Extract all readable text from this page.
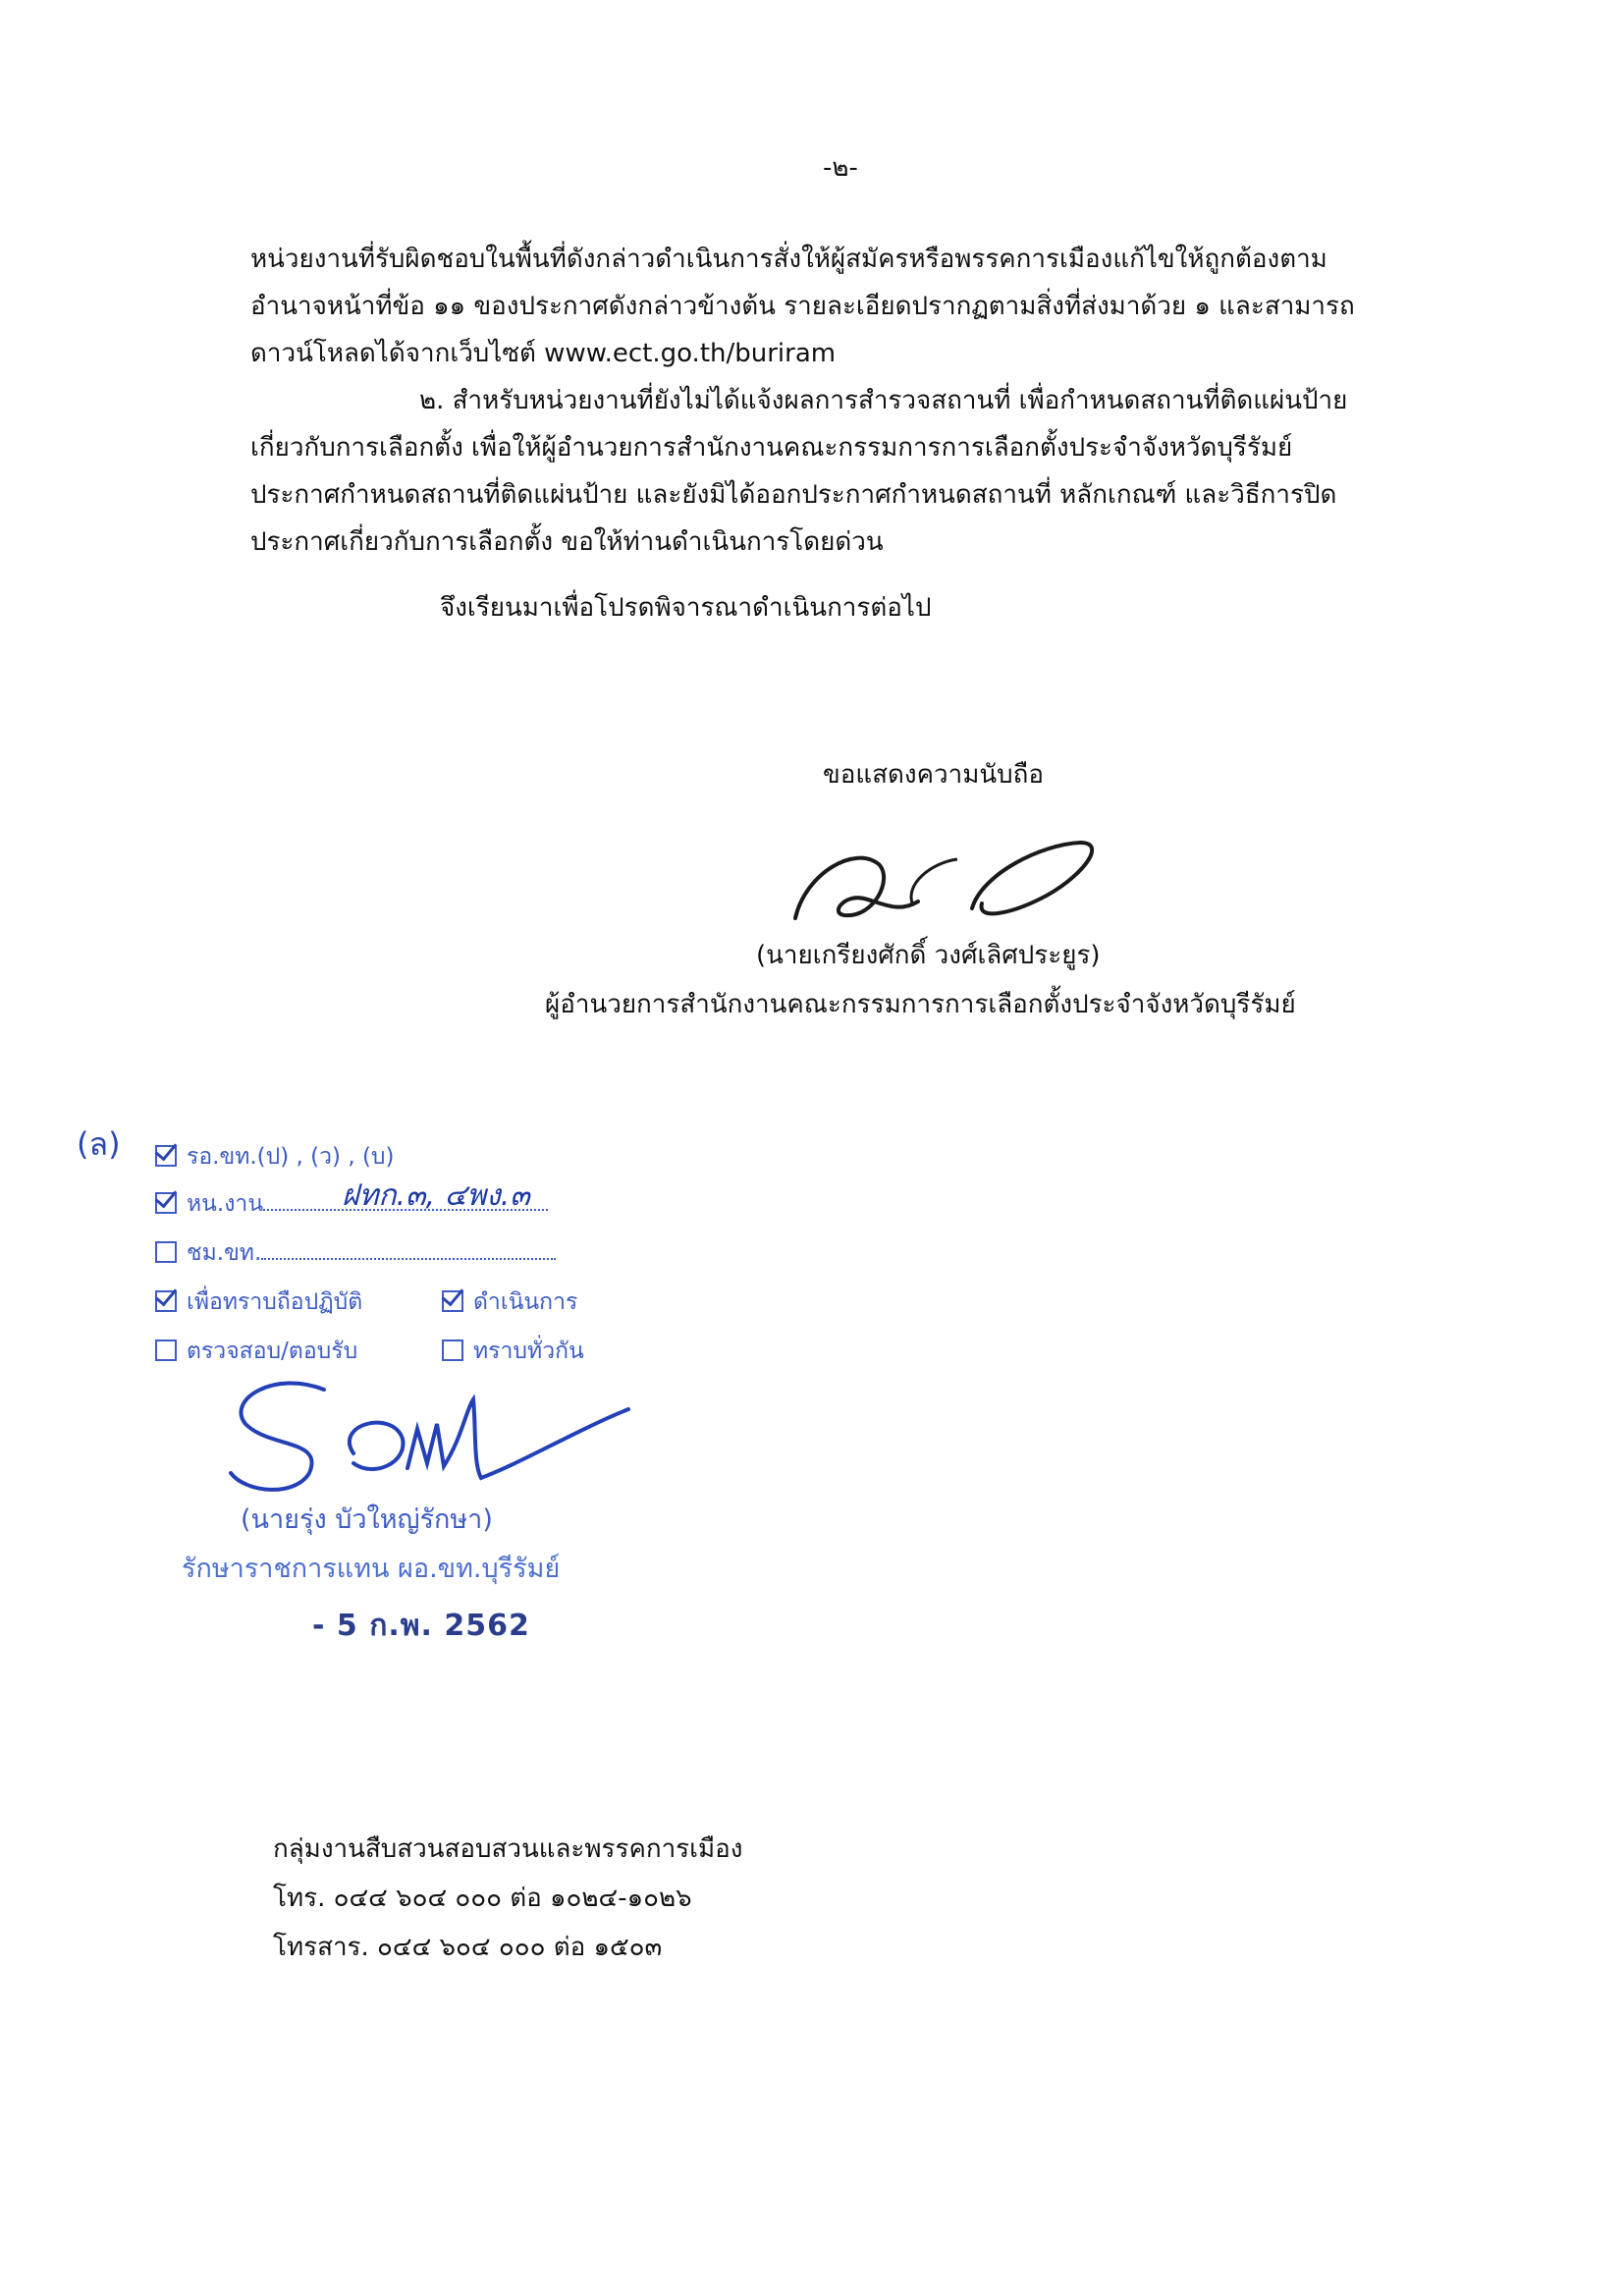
-๒-
หน่วยงานที่รับผิดชอบในพื้นที่ดังกล่าวดำเนินการสั่งให้ผู้สมัครหรือพรรคการเมืองแก้ไขให้ถูกต้องตาม
อำนาจหน้าที่ข้อ ๑๑ ของประกาศดังกล่าวข้างต้น รายละเอียดปรากฏตามสิ่งที่ส่งมาด้วย ๑ และสามารถ
ดาวน์โหลดได้จากเว็บไซต์ www.ect.go.th/buriram
๒. สำหรับหน่วยงานที่ยังไม่ได้แจ้งผลการสำรวจสถานที่ เพื่อกำหนดสถานที่ติดแผ่นป้าย
เกี่ยวกับการเลือกตั้ง เพื่อให้ผู้อำนวยการสำนักงานคณะกรรมการการเลือกตั้งประจำจังหวัดบุรีรัมย์
ประกาศกำหนดสถานที่ติดแผ่นป้าย และยังมิได้ออกประกาศกำหนดสถานที่ หลักเกณฑ์ และวิธีการปิด
ประกาศเกี่ยวกับการเลือกตั้ง ขอให้ท่านดำเนินการโดยด่วน
จึงเรียนมาเพื่อโปรดพิจารณาดำเนินการต่อไป
ขอแสดงความนับถือ
(นายเกรียงศักดิ์ วงศ์เลิศประยูร)
ผู้อำนวยการสำนักงานคณะกรรมการการเลือกตั้งประจำจังหวัดบุรีรัมย์
(ล)	รอ.ขท.(ป) , (ว) , (บ)
หน.งาน	ฝทก.๓, ๔พง.๓
ชม.ขท.
เพื่อทราบถือปฏิบัติ	ดำเนินการ
ตรวจสอบ/ตอบรับ	ทราบทั่วกัน
(นายรุ่ง บัวใหญ่รักษา)
รักษาราชการแทน ผอ.ขท.บุรีรัมย์
- 5 ก.พ. 2562
กลุ่มงานสืบสวนสอบสวนและพรรคการเมือง
โทร. ๐๔๔ ๖๐๔ ๐๐๐ ต่อ ๑๐๒๔-๑๐๒๖
โทรสาร. ๐๔๔ ๖๐๔ ๐๐๐ ต่อ ๑๕๐๓
